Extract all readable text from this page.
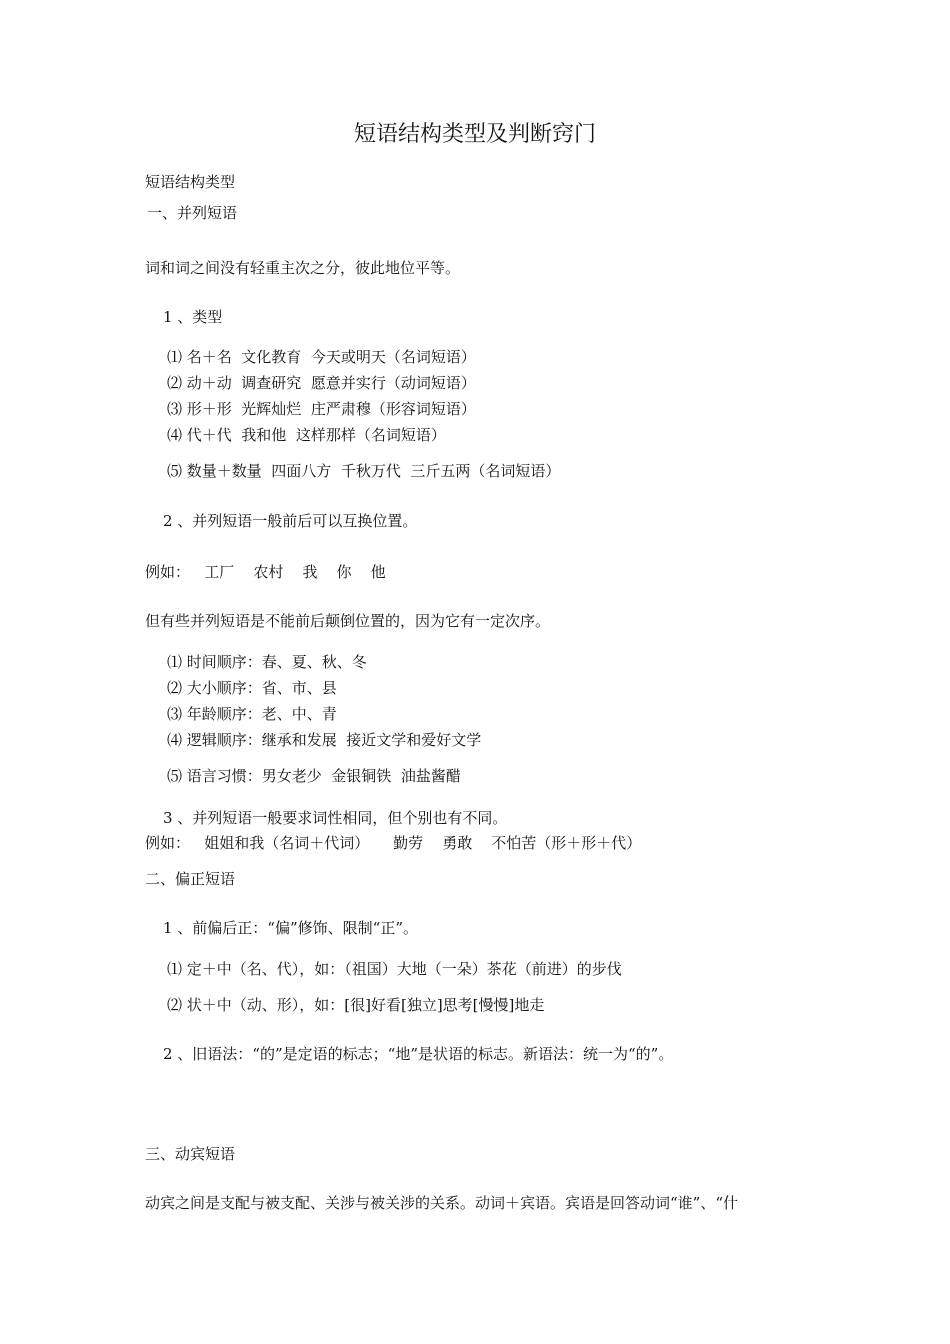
短语结构类型及判断窍门
短语结构类型
一、并列短语
词和词之间没有轻重主次之分，彼此地位平等。
1 、类型
⑴ 名＋名  文化教育  今天或明天（名词短语）
⑵ 动＋动  调查研究  愿意并实行（动词短语）
⑶ 形＋形  光辉灿烂  庄严肃穆（形容词短语）
⑷ 代＋代  我和他  这样那样（名词短语）
⑸ 数量＋数量  四面八方  千秋万代  三斤五两（名词短语）
2 、并列短语一般前后可以互换位置。
例如：   工厂    农村    我    你    他
但有些并列短语是不能前后颠倒位置的，因为它有一定次序。
⑴ 时间顺序：春、夏、秋、冬
⑵ 大小顺序：省、市、县
⑶ 年龄顺序：老、中、青
⑷ 逻辑顺序：继承和发展  接近文学和爱好文学
⑸ 语言习惯：男女老少  金银铜铁  油盐酱醋
3 、并列短语一般要求词性相同，但个别也有不同。
例如：   姐姐和我（名词＋代词）     勤劳    勇敢    不怕苦（形＋形＋代）
二、偏正短语
1 、前偏后正：“偏”修饰、限制“正”。
⑴ 定＋中（名、代），如：（祖国）大地（一朵）茶花（前进）的步伐
⑵ 状＋中（动、形），如：[很]好看[独立]思考[慢慢]地走
2 、旧语法：“的”是定语的标志；“地”是状语的标志。新语法：统一为“的”。
三、动宾短语
动宾之间是支配与被支配、关涉与被关涉的关系。动词＋宾语。宾语是回答动词“谁”、“什
